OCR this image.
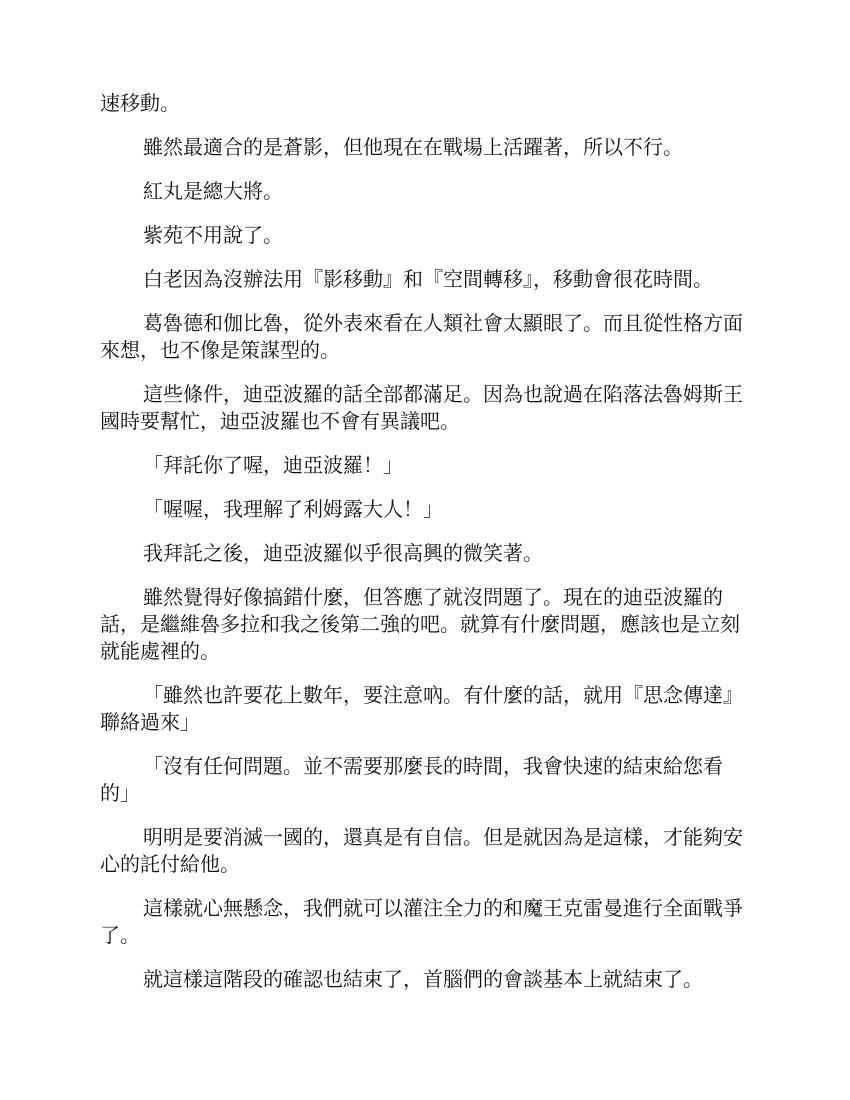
速移動。

雖然最適合的是蒼影，但他現在在戰場上活躍著，所以不行。

紅丸是總大將。

紫苑不用說了。

白老因為沒辦法用『影移動』和『空間轉移』，移動會很花時間。

葛魯德和伽比魯，從外表來看在人類社會太顯眼了。而且從性格方面來想，也不像是策謀型的。

這些條件，迪亞波羅的話全部都滿足。因為也說過在陷落法魯姆斯王國時要幫忙，迪亞波羅也不會有異議吧。

「拜託你了喔，迪亞波羅！」

「喔喔，我理解了利姆露大人！」

我拜託之後，迪亞波羅似乎很高興的微笑著。

雖然覺得好像搞錯什麼，但答應了就沒問題了。現在的迪亞波羅的話，是繼維魯多拉和我之後第二強的吧。就算有什麼問題，應該也是立刻就能處裡的。

「雖然也許要花上數年，要注意吶。有什麼的話，就用『思念傳達』聯絡過來」

「沒有任何問題。並不需要那麼長的時間，我會快速的結束給您看的」

明明是要消滅一國的，還真是有自信。但是就因為是這樣，才能夠安心的託付給他。

這樣就心無懸念，我們就可以灌注全力的和魔王克雷曼進行全面戰爭了。

就這樣這階段的確認也結束了，首腦們的會談基本上就結束了。
